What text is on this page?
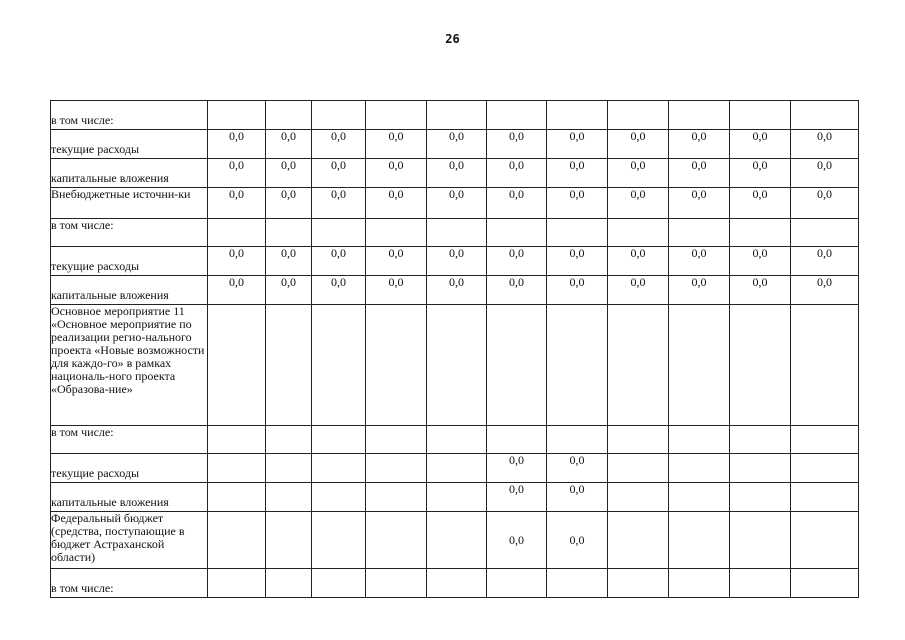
26
в том числе:											
текущие расходы	0,0	0,0	0,0	0,0	0,0	0,0	0,0	0,0	0,0	0,0	0,0
капитальные вложения	0,0	0,0	0,0	0,0	0,0	0,0	0,0	0,0	0,0	0,0	0,0
Внебюджетные источни-ки	0,0	0,0	0,0	0,0	0,0	0,0	0,0	0,0	0,0	0,0	0,0
в том числе:											
текущие расходы	0,0	0,0	0,0	0,0	0,0	0,0	0,0	0,0	0,0	0,0	0,0
капитальные вложения	0,0	0,0	0,0	0,0	0,0	0,0	0,0	0,0	0,0	0,0	0,0
Основное мероприятие 11 «Основное мероприятие по реализации регио-нального проекта «Новые возможности для каждо-го» в рамках националь-ного проекта «Образова-ние»											
в том числе:											
текущие расходы						0,0	0,0				
капитальные вложения						0,0	0,0				
Федеральный бюджет (средства, поступающие в бюджет Астраханской области)						0,0	0,0				
в том числе:											
